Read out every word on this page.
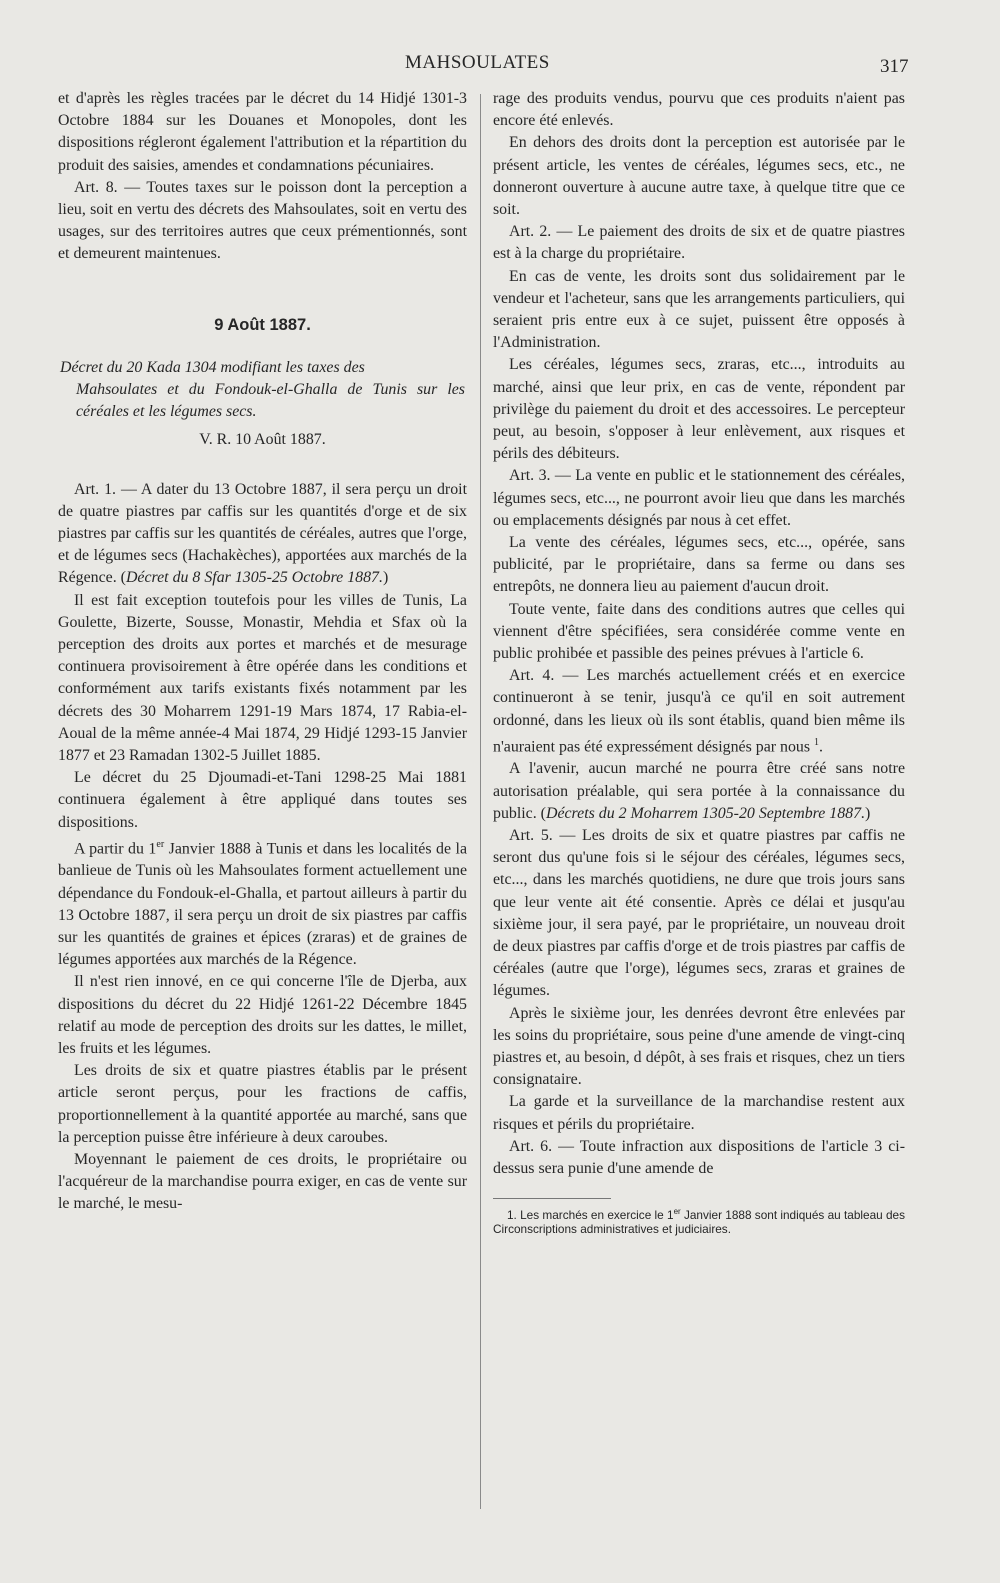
MAHSOULATES	317

et d'après les règles tracées par le décret du 14 Hidjé 1301-3 Octobre 1884 sur les Douanes et Monopoles, dont les dispositions régleront également l'attribution et la répartition du produit des saisies, amendes et condamnations pécuniaires.

Art. 8. — Toutes taxes sur le poisson dont la perception a lieu, soit en vertu des décrets des Mahsoulates, soit en vertu des usages, sur des territoires autres que ceux prémentionnés, sont et demeurent maintenues.

9 Août 1887.

Décret du 20 Kada 1304 modifiant les taxes des
Mahsoulates et du Fondouk-el-Ghalla de Tunis sur les céréales et les légumes secs.

V. R. 10 Août 1887.

Art. 1. — A dater du 13 Octobre 1887, il sera perçu un droit de quatre piastres par caffis sur les quantités d'orge et de six piastres par caffis sur les quantités de céréales, autres que l'orge, et de légumes secs (Hachakèches), apportées aux marchés de la Régence. (Décret du 8 Sfar 1305-25 Octobre 1887.)

Il est fait exception toutefois pour les villes de Tunis, La Goulette, Bizerte, Sousse, Monastir, Mehdia et Sfax où la perception des droits aux portes et marchés et de mesurage continuera provisoirement à être opérée dans les conditions et conformément aux tarifs existants fixés notamment par les décrets des 30 Moharrem 1291-19 Mars 1874, 17 Rabia-el-Aoual de la même année-4 Mai 1874, 29 Hidjé 1293-15 Janvier 1877 et 23 Ramadan 1302-5 Juillet 1885.

Le décret du 25 Djoumadi-et-Tani 1298-25 Mai 1881 continuera également à être appliqué dans toutes ses dispositions.

A partir du 1er Janvier 1888 à Tunis et dans les localités de la banlieue de Tunis où les Mahsoulates forment actuellement une dépendance du Fondouk-el-Ghalla, et partout ailleurs à partir du 13 Octobre 1887, il sera perçu un droit de six piastres par caffis sur les quantités de graines et épices (zraras) et de graines de légumes apportées aux marchés de la Régence.

Il n'est rien innové, en ce qui concerne l'île de Djerba, aux dispositions du décret du 22 Hidjé 1261-22 Décembre 1845 relatif au mode de perception des droits sur les dattes, le millet, les fruits et les légumes.

Les droits de six et quatre piastres établis par le présent article seront perçus, pour les fractions de caffis, proportionnellement à la quantité apportée au marché, sans que la perception puisse être inférieure à deux caroubes.

Moyennant le paiement de ces droits, le propriétaire ou l'acquéreur de la marchandise pourra exiger, en cas de vente sur le marché, le mesu-

rage des produits vendus, pourvu que ces produits n'aient pas encore été enlevés.

En dehors des droits dont la perception est autorisée par le présent article, les ventes de céréales, légumes secs, etc., ne donneront ouverture à aucune autre taxe, à quelque titre que ce soit.

Art. 2. — Le paiement des droits de six et de quatre piastres est à la charge du propriétaire.

En cas de vente, les droits sont dus solidairement par le vendeur et l'acheteur, sans que les arrangements particuliers, qui seraient pris entre eux à ce sujet, puissent être opposés à l'Administration.

Les céréales, légumes secs, zraras, etc..., introduits au marché, ainsi que leur prix, en cas de vente, répondent par privilège du paiement du droit et des accessoires. Le percepteur peut, au besoin, s'opposer à leur enlèvement, aux risques et périls des débiteurs.

Art. 3. — La vente en public et le stationnement des céréales, légumes secs, etc..., ne pourront avoir lieu que dans les marchés ou emplacements désignés par nous à cet effet.

La vente des céréales, légumes secs, etc..., opérée, sans publicité, par le propriétaire, dans sa ferme ou dans ses entrepôts, ne donnera lieu au paiement d'aucun droit.

Toute vente, faite dans des conditions autres que celles qui viennent d'être spécifiées, sera considérée comme vente en public prohibée et passible des peines prévues à l'article 6.

Art. 4. — Les marchés actuellement créés et en exercice continueront à se tenir, jusqu'à ce qu'il en soit autrement ordonné, dans les lieux où ils sont établis, quand bien même ils n'auraient pas été expressément désignés par nous $^1$.

A l'avenir, aucun marché ne pourra être créé sans notre autorisation préalable, qui sera portée à la connaissance du public. (Décrets du 2 Moharrem 1305-20 Septembre 1887.)

Art. 5. — Les droits de six et quatre piastres par caffis ne seront dus qu'une fois si le séjour des céréales, légumes secs, etc..., dans les marchés quotidiens, ne dure que trois jours sans que leur vente ait été consentie. Après ce délai et jusqu'au sixième jour, il sera payé, par le propriétaire, un nouveau droit de deux piastres par caffis d'orge et de trois piastres par caffis de céréales (autre que l'orge), légumes secs, zraras et graines de légumes.

Après le sixième jour, les denrées devront être enlevées par les soins du propriétaire, sous peine d'une amende de vingt-cinq piastres et, au besoin, d dépôt, à ses frais et risques, chez un tiers consignataire.

La garde et la surveillance de la marchandise restent aux risques et périls du propriétaire.

Art. 6. — Toute infraction aux dispositions de l'article 3 ci-dessus sera punie d'une amende de

1. Les marchés en exercice le 1er Janvier 1888 sont indiqués au tableau des Circonscriptions administratives et judiciaires.
